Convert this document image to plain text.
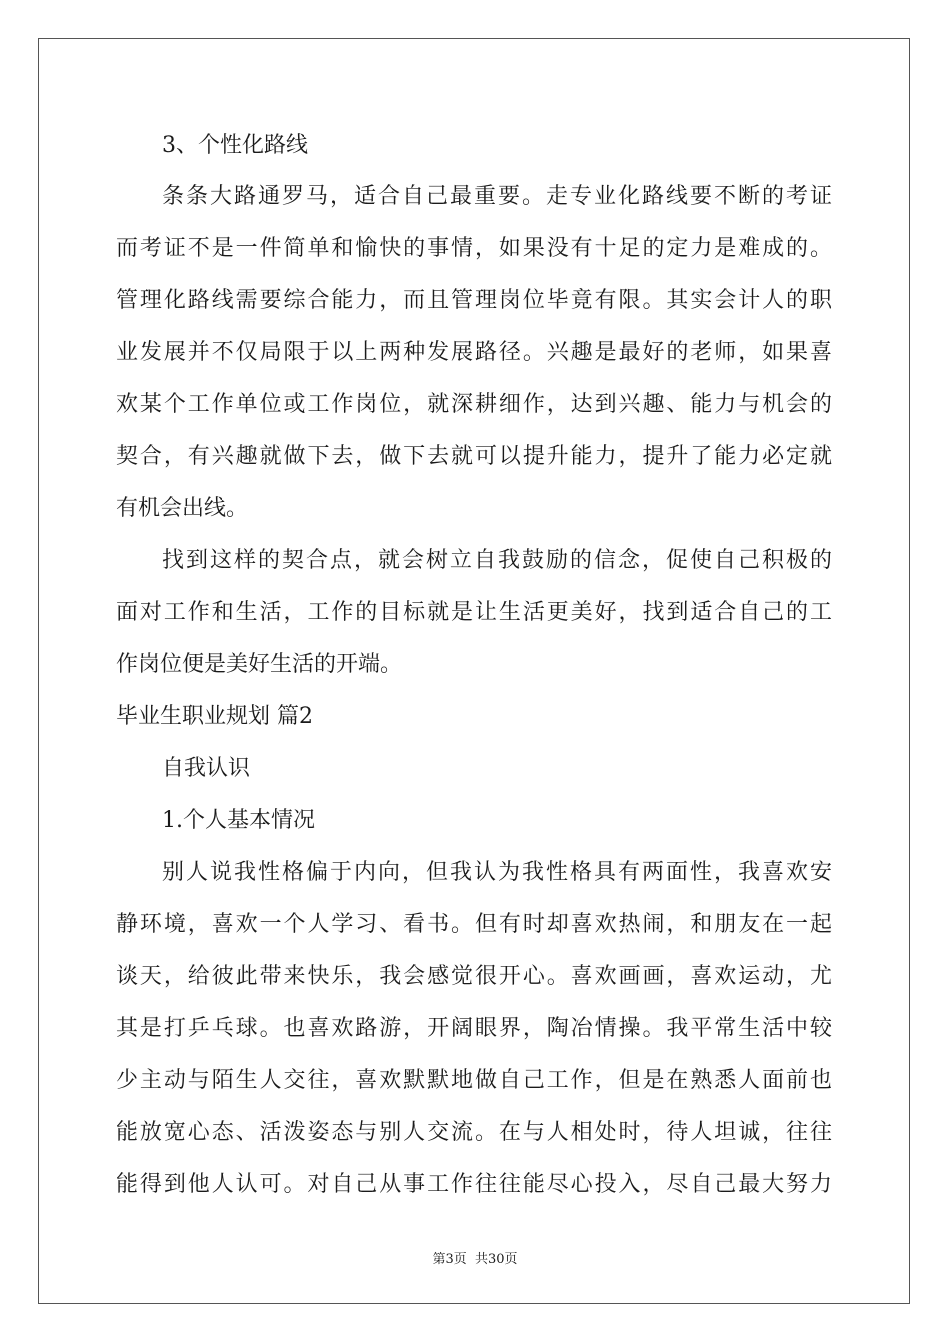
3、个性化路线
条条大路通罗马，适合自己最重要。走专业化路线要不断的考证
而考证不是一件简单和愉快的事情，如果没有十足的定力是难成的。
管理化路线需要综合能力，而且管理岗位毕竟有限。其实会计人的职
业发展并不仅局限于以上两种发展路径。兴趣是最好的老师，如果喜
欢某个工作单位或工作岗位，就深耕细作，达到兴趣、能力与机会的
契合，有兴趣就做下去，做下去就可以提升能力，提升了能力必定就
有机会出线。
找到这样的契合点，就会树立自我鼓励的信念，促使自己积极的
面对工作和生活，工作的目标就是让生活更美好，找到适合自己的工
作岗位便是美好生活的开端。
毕业生职业规划 篇2
自我认识
1.个人基本情况
别人说我性格偏于内向，但我认为我性格具有两面性，我喜欢安
静环境，喜欢一个人学习、看书。但有时却喜欢热闹，和朋友在一起
谈天，给彼此带来快乐，我会感觉很开心。喜欢画画，喜欢运动，尤
其是打乒乓球。也喜欢路游，开阔眼界，陶冶情操。我平常生活中较
少主动与陌生人交往，喜欢默默地做自己工作，但是在熟悉人面前也
能放宽心态、活泼姿态与别人交流。在与人相处时，待人坦诚，往往
能得到他人认可。对自己从事工作往往能尽心投入，尽自己最大努力
第3页 共30页
